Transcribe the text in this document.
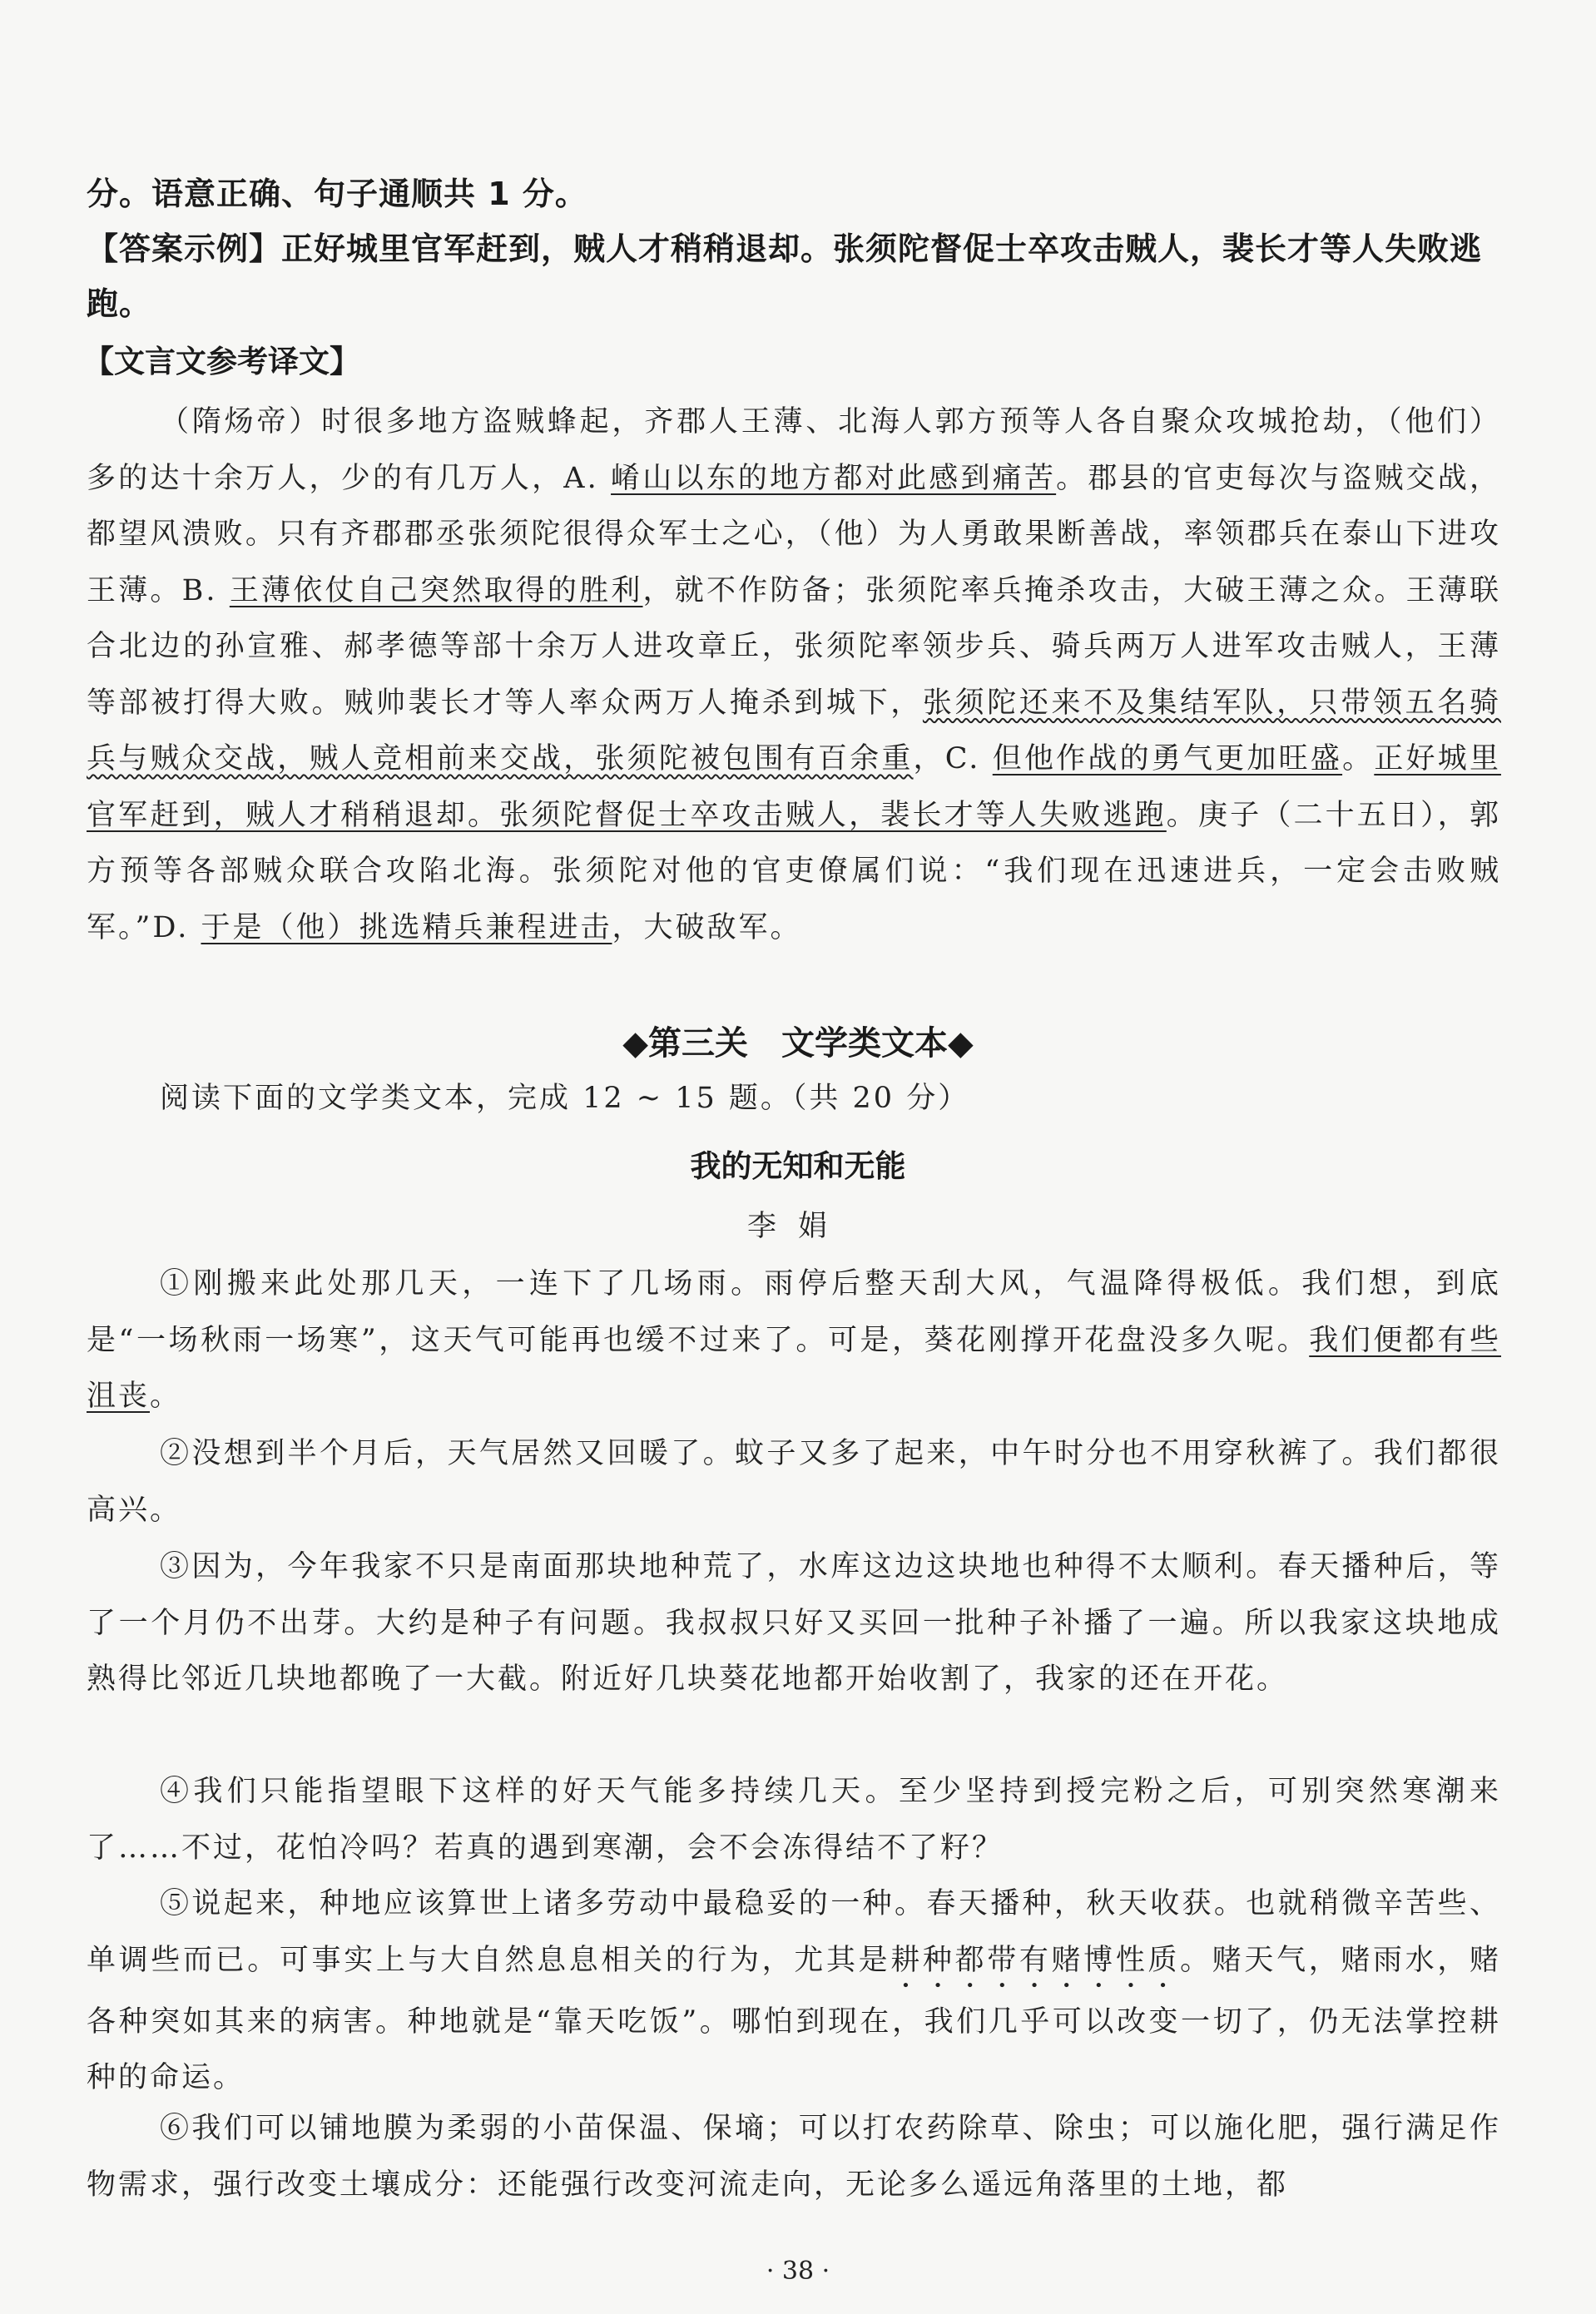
分。语意正确、句子通顺共 1 分。
【答案示例】正好城里官军赶到，贼人才稍稍退却。张须陀督促士卒攻击贼人，裴长才等人失败逃跑。
【文言文参考译文】
（隋炀帝）时很多地方盗贼蜂起，齐郡人王薄、北海人郭方预等人各自聚众攻城抢劫，（他们）多的达十余万人，少的有几万人，A. 崤山以东的地方都对此感到痛苦。郡县的官吏每次与盗贼交战，都望风溃败。只有齐郡郡丞张须陀很得众军士之心，（他）为人勇敢果断善战，率领郡兵在泰山下进攻王薄。B. 王薄依仗自己突然取得的胜利，就不作防备；张须陀率兵掩杀攻击，大破王薄之众。王薄联合北边的孙宣雅、郝孝德等部十余万人进攻章丘，张须陀率领步兵、骑兵两万人进军攻击贼人，王薄等部被打得大败。贼帅裴长才等人率众两万人掩杀到城下，张须陀还来不及集结军队，只带领五名骑兵与贼众交战，贼人竞相前来交战，张须陀被包围有百余重，C. 但他作战的勇气更加旺盛。正好城里官军赶到，贼人才稍稍退却。张须陀督促士卒攻击贼人，裴长才等人失败逃跑。庚子（二十五日），郭方预等各部贼众联合攻陷北海。张须陀对他的官吏僚属们说：“我们现在迅速进兵，一定会击败贼军。”D. 于是（他）挑选精兵兼程进击，大破敌军。
◆第三关　文学类文本◆
阅读下面的文学类文本，完成 12 ~ 15 题。（共 20 分）
我的无知和无能
李娟
①刚搬来此处那几天，一连下了几场雨。雨停后整天刮大风，气温降得极低。我们想，到底是“一场秋雨一场寒”，这天气可能再也缓不过来了。可是，葵花刚撑开花盘没多久呢。我们便都有些沮丧。
②没想到半个月后，天气居然又回暖了。蚊子又多了起来，中午时分也不用穿秋裤了。我们都很高兴。
③因为，今年我家不只是南面那块地种荒了，水库这边这块地也种得不太顺利。春天播种后，等了一个月仍不出芽。大约是种子有问题。我叔叔只好又买回一批种子补播了一遍。所以我家这块地成熟得比邻近几块地都晚了一大截。附近好几块葵花地都开始收割了，我家的还在开花。
④我们只能指望眼下这样的好天气能多持续几天。至少坚持到授完粉之后，可别突然寒潮来了……不过，花怕冷吗？若真的遇到寒潮，会不会冻得结不了籽？
⑤说起来，种地应该算世上诸多劳动中最稳妥的一种。春天播种，秋天收获。也就稍微辛苦些、单调些而已。可事实上与大自然息息相关的行为，尤其是耕种都带有赌博性质。赌天气，赌雨水，赌各种突如其来的病害。种地就是“靠天吃饭”。哪怕到现在，我们几乎可以改变一切了，仍无法掌控耕种的命运。
⑥我们可以铺地膜为柔弱的小苗保温、保墒；可以打农药除草、除虫；可以施化肥，强行满足作物需求，强行改变土壤成分：还能强行改变河流走向，无论多么遥远角落里的土地，都
· 38 ·
